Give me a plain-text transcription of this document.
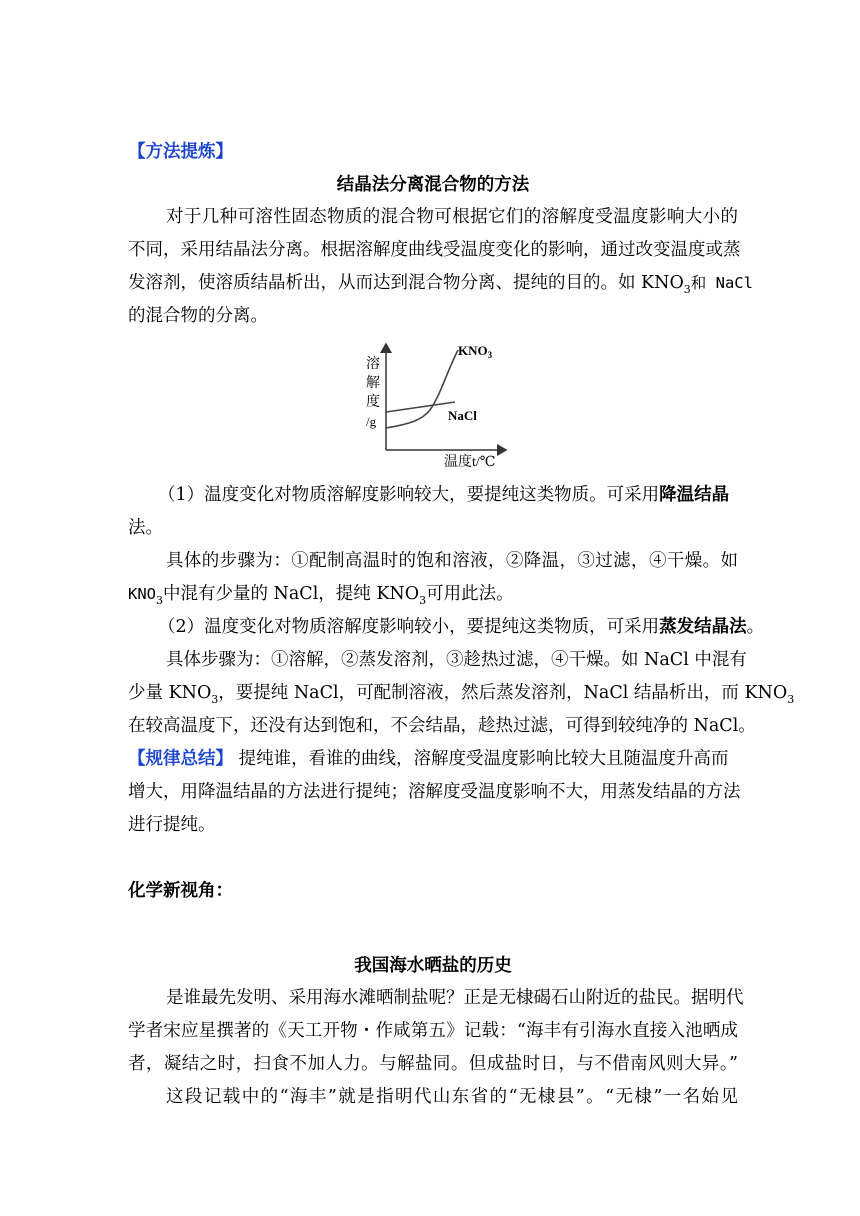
【方法提炼】
结晶法分离混合物的方法
对于几种可溶性固态物质的混合物可根据它们的溶解度受温度影响大小的
不同，采用结晶法分离。根据溶解度曲线受温度变化的影响，通过改变温度或蒸
发溶剂，使溶质结晶析出，从而达到混合物分离、提纯的目的。如 $KNO_3$和 NaCl
的混合物的分离。
溶
解
度
/g
$KNO_3$
NaCl
温度t/℃
（1）温度变化对物质溶解度影响较大，要提纯这类物质。可采用降温结晶
法。
具体的步骤为：①配制高温时的饱和溶液，②降温，③过滤，④干燥。如
$KNO_3$中混有少量的 NaCl，提纯 $KNO_3$可用此法。
（2）温度变化对物质溶解度影响较小，要提纯这类物质，可采用蒸发结晶法。
具体步骤为：①溶解，②蒸发溶剂，③趁热过滤，④干燥。如 NaCl 中混有
少量 $KNO_3$，要提纯 NaCl，可配制溶液，然后蒸发溶剂，NaCl 结晶析出，而 $KNO_3$
在较高温度下，还没有达到饱和，不会结晶，趁热过滤，可得到较纯净的 NaCl。
【规律总结】 提纯谁，看谁的曲线，溶解度受温度影响比较大且随温度升高而
增大，用降温结晶的方法进行提纯；溶解度受温度影响不大，用蒸发结晶的方法
进行提纯。
化学新视角：
我国海水晒盐的历史
是谁最先发明、采用海水滩晒制盐呢？正是无棣碣石山附近的盐民。据明代
学者宋应星撰著的《天工开物・作咸第五》记载：“海丰有引海水直接入池晒成
者，凝结之时，扫食不加人力。与解盐同。但成盐时日，与不借南风则大异。”
这段记载中的“海丰”就是指明代山东省的“无棣县”。“无棣”一名始见
